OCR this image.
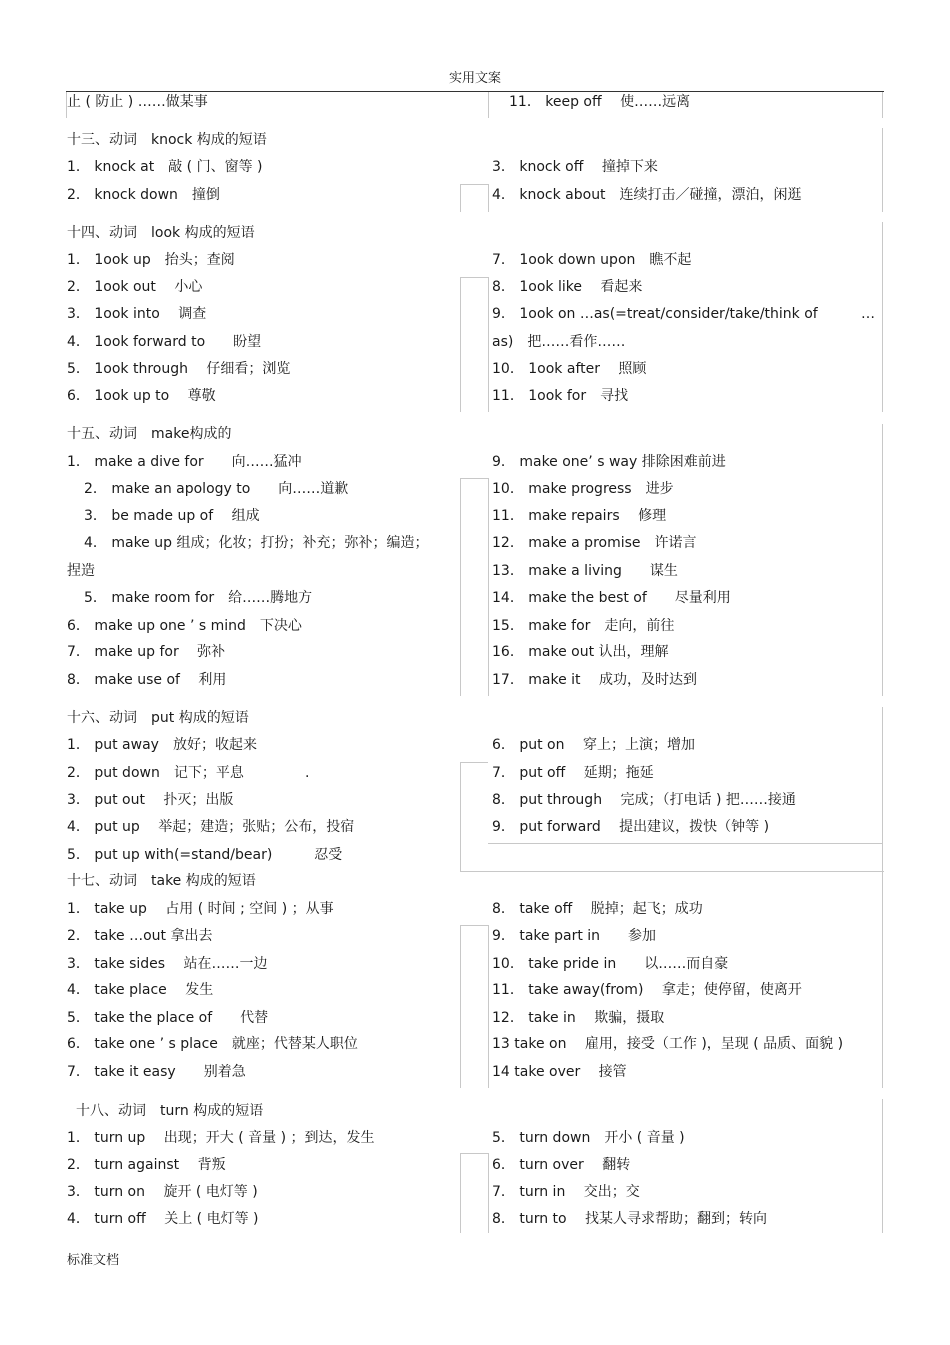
实用文案
止 ( 防止 ) ……做某事	11． keep off　 使……远离
十三、动词　knock 构成的短语
1． knock at　敲 ( 门、窗等 )
2． knock down　撞倒
3． knock off　 撞掉下来
4． knock about　连续打击／碰撞，漂泊，闲逛
十四、动词　look 构成的短语
1． 1ook up　抬头；查阅
2． 1ook out　 小心
3． 1ook into　 调查
4． 1ook forward to　　盼望
5． 1ook through　 仔细看；浏览
6． 1ook up to　 尊敬
7． 1ook down upon　瞧不起
8． 1ook like　 看起来
9． 1ook on …as(=treat/consider/take/think of	…
as)　把……看作……
10． 1ook after　 照顾
11． 1ook for　寻找
十五、动词　make构成的
1． make a dive for　　向……猛冲
2． make an apology to　　向……道歉
3． be made up of　 组成
4． make up 组成；化妆；打扮；补充；弥补；编造；
捏造
5． make room for　给……腾地方
6． make up one ’ s mind　下决心
7． make up for　 弥补
8． make use of　 利用
9． make one’ s way 排除困难前进
10． make progress　进步
11． make repairs　 修理
12． make a promise　许诺言
13． make a living　　谋生
14． make the best of　　尽量利用
15． make for　走向，前往
16． make out 认出，理解
17． make it　 成功，及时达到
十六、动词　put 构成的短语
1． put away　放好；收起来
2． put down　记下；平息	.
3． put out　 扑灭；出版
4． put up　 举起；建造；张贴；公布，投宿
5． put up with(=stand/bear)　　　忍受
6． put on　 穿上；上演；增加
7． put off　 延期；拖延
8． put through　 完成；（打电话 ) 把……接通
9． put forward　 提出建议，拨快（钟等 )
十七、动词　take 构成的短语
1． take up　 占用 ( 时间 ; 空间 ) ；从事
2． take …out 拿出去
3． take sides　 站在……一边
4． take place　 发生
5． take the place of　　代替
6． take one ’ s place　就座；代替某人职位
7． take it easy　　别着急
8． take off　 脱掉；起飞；成功
9． take part in　　参加
10． take pride in　　以……而自豪
11． take away(from)　 拿走；使停留，使离开
12． take in　 欺骗，摄取
13 take on　 雇用，接受（工作 )，呈现 ( 品质、面貌 )
14 take over　 接管
十八、动词　turn 构成的短语
1． turn up　 出现；开大 ( 音量 ) ；到达，发生
2． turn against　 背叛
3． turn on　 旋开 ( 电灯等 )
4． turn off　 关上 ( 电灯等 )
5． turn down　开小 ( 音量 )
6． turn over　 翻转
7． turn in　 交出；交
8． turn to　 找某人寻求帮助；翻到；转向
标准文档
